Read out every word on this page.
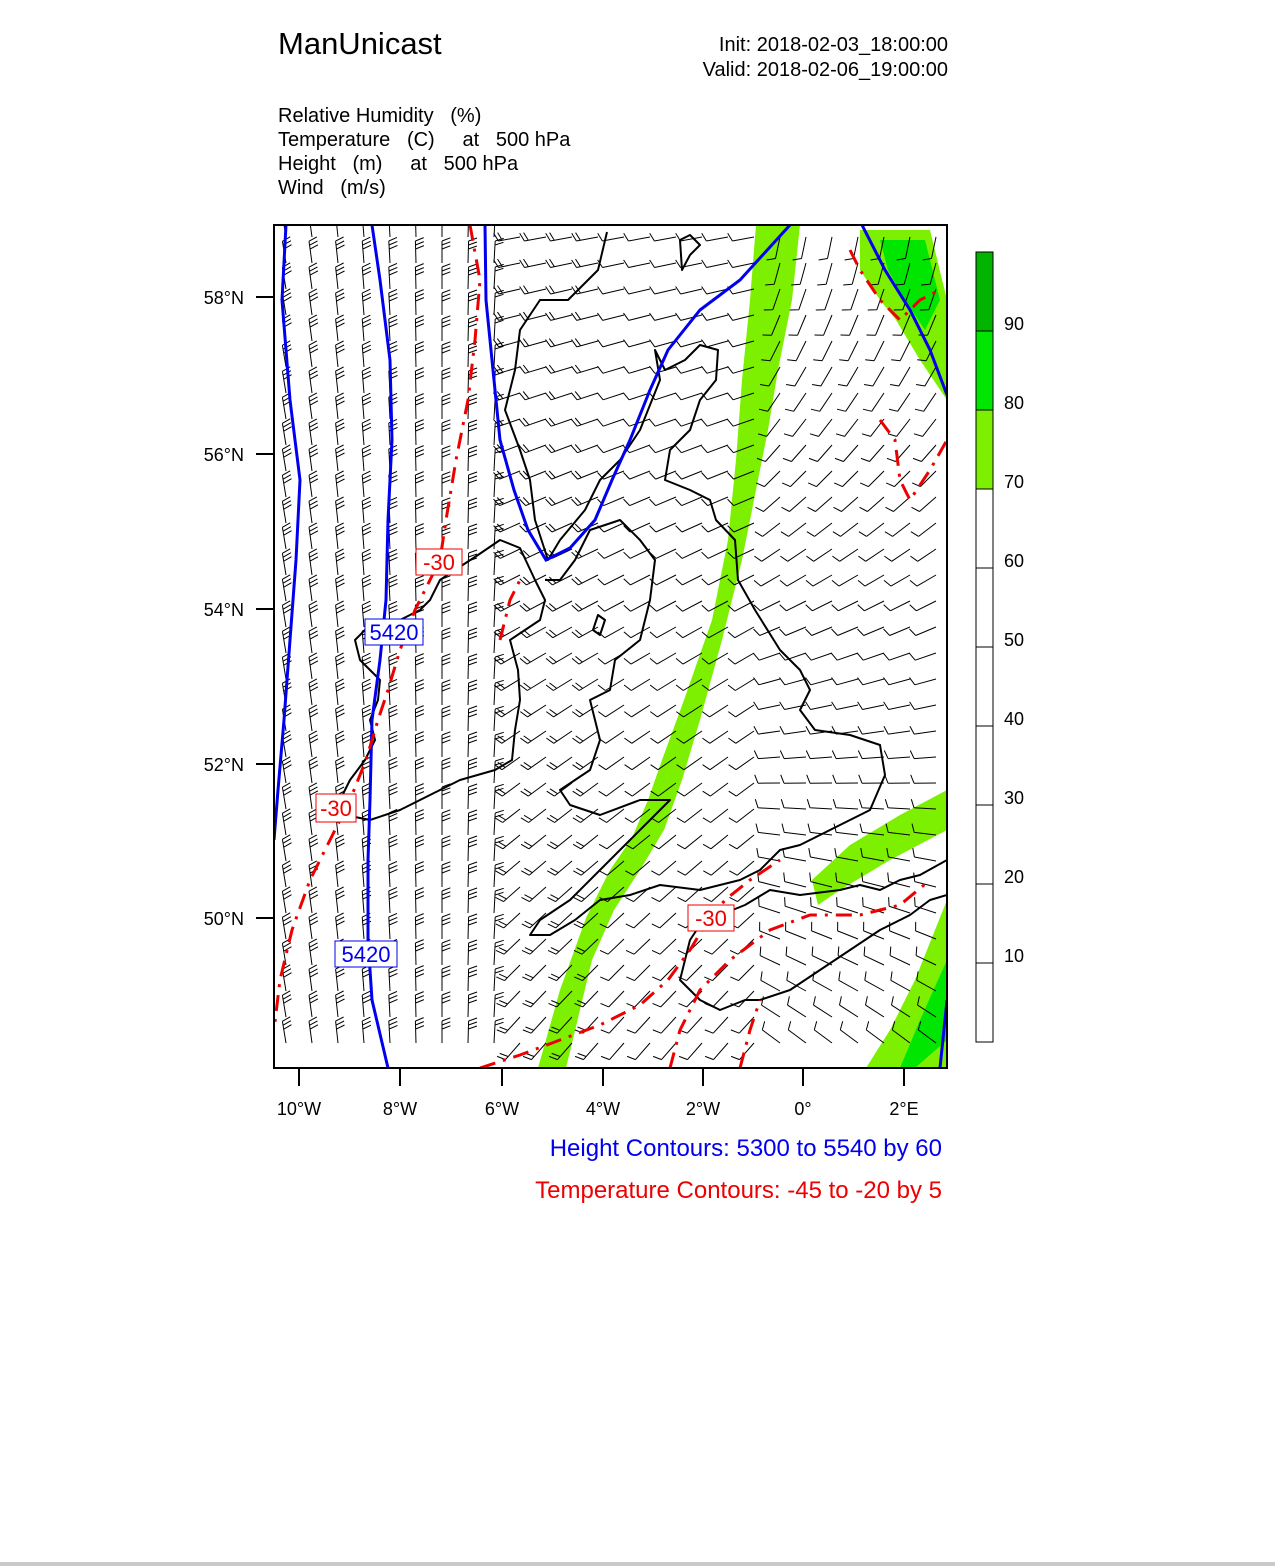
ManUnicast	Init: 2018-02-03_18:00:00
Valid: 2018-02-06_19:00:00
Relative Humidity   (%)
Temperature   (C)     at   500 hPa
Height   (m)     at   500 hPa
Wind   (m/s)
5420
5420
-30
-30
-30
58°N
56°N
54°N
52°N
50°N
10°W	8°W	6°W	4°W	2°W	0°	2°E
90
80
70
60
50
40
30
20
10
Height Contours: 5300 to 5540 by 60
Temperature Contours: -45 to -20 by 5
